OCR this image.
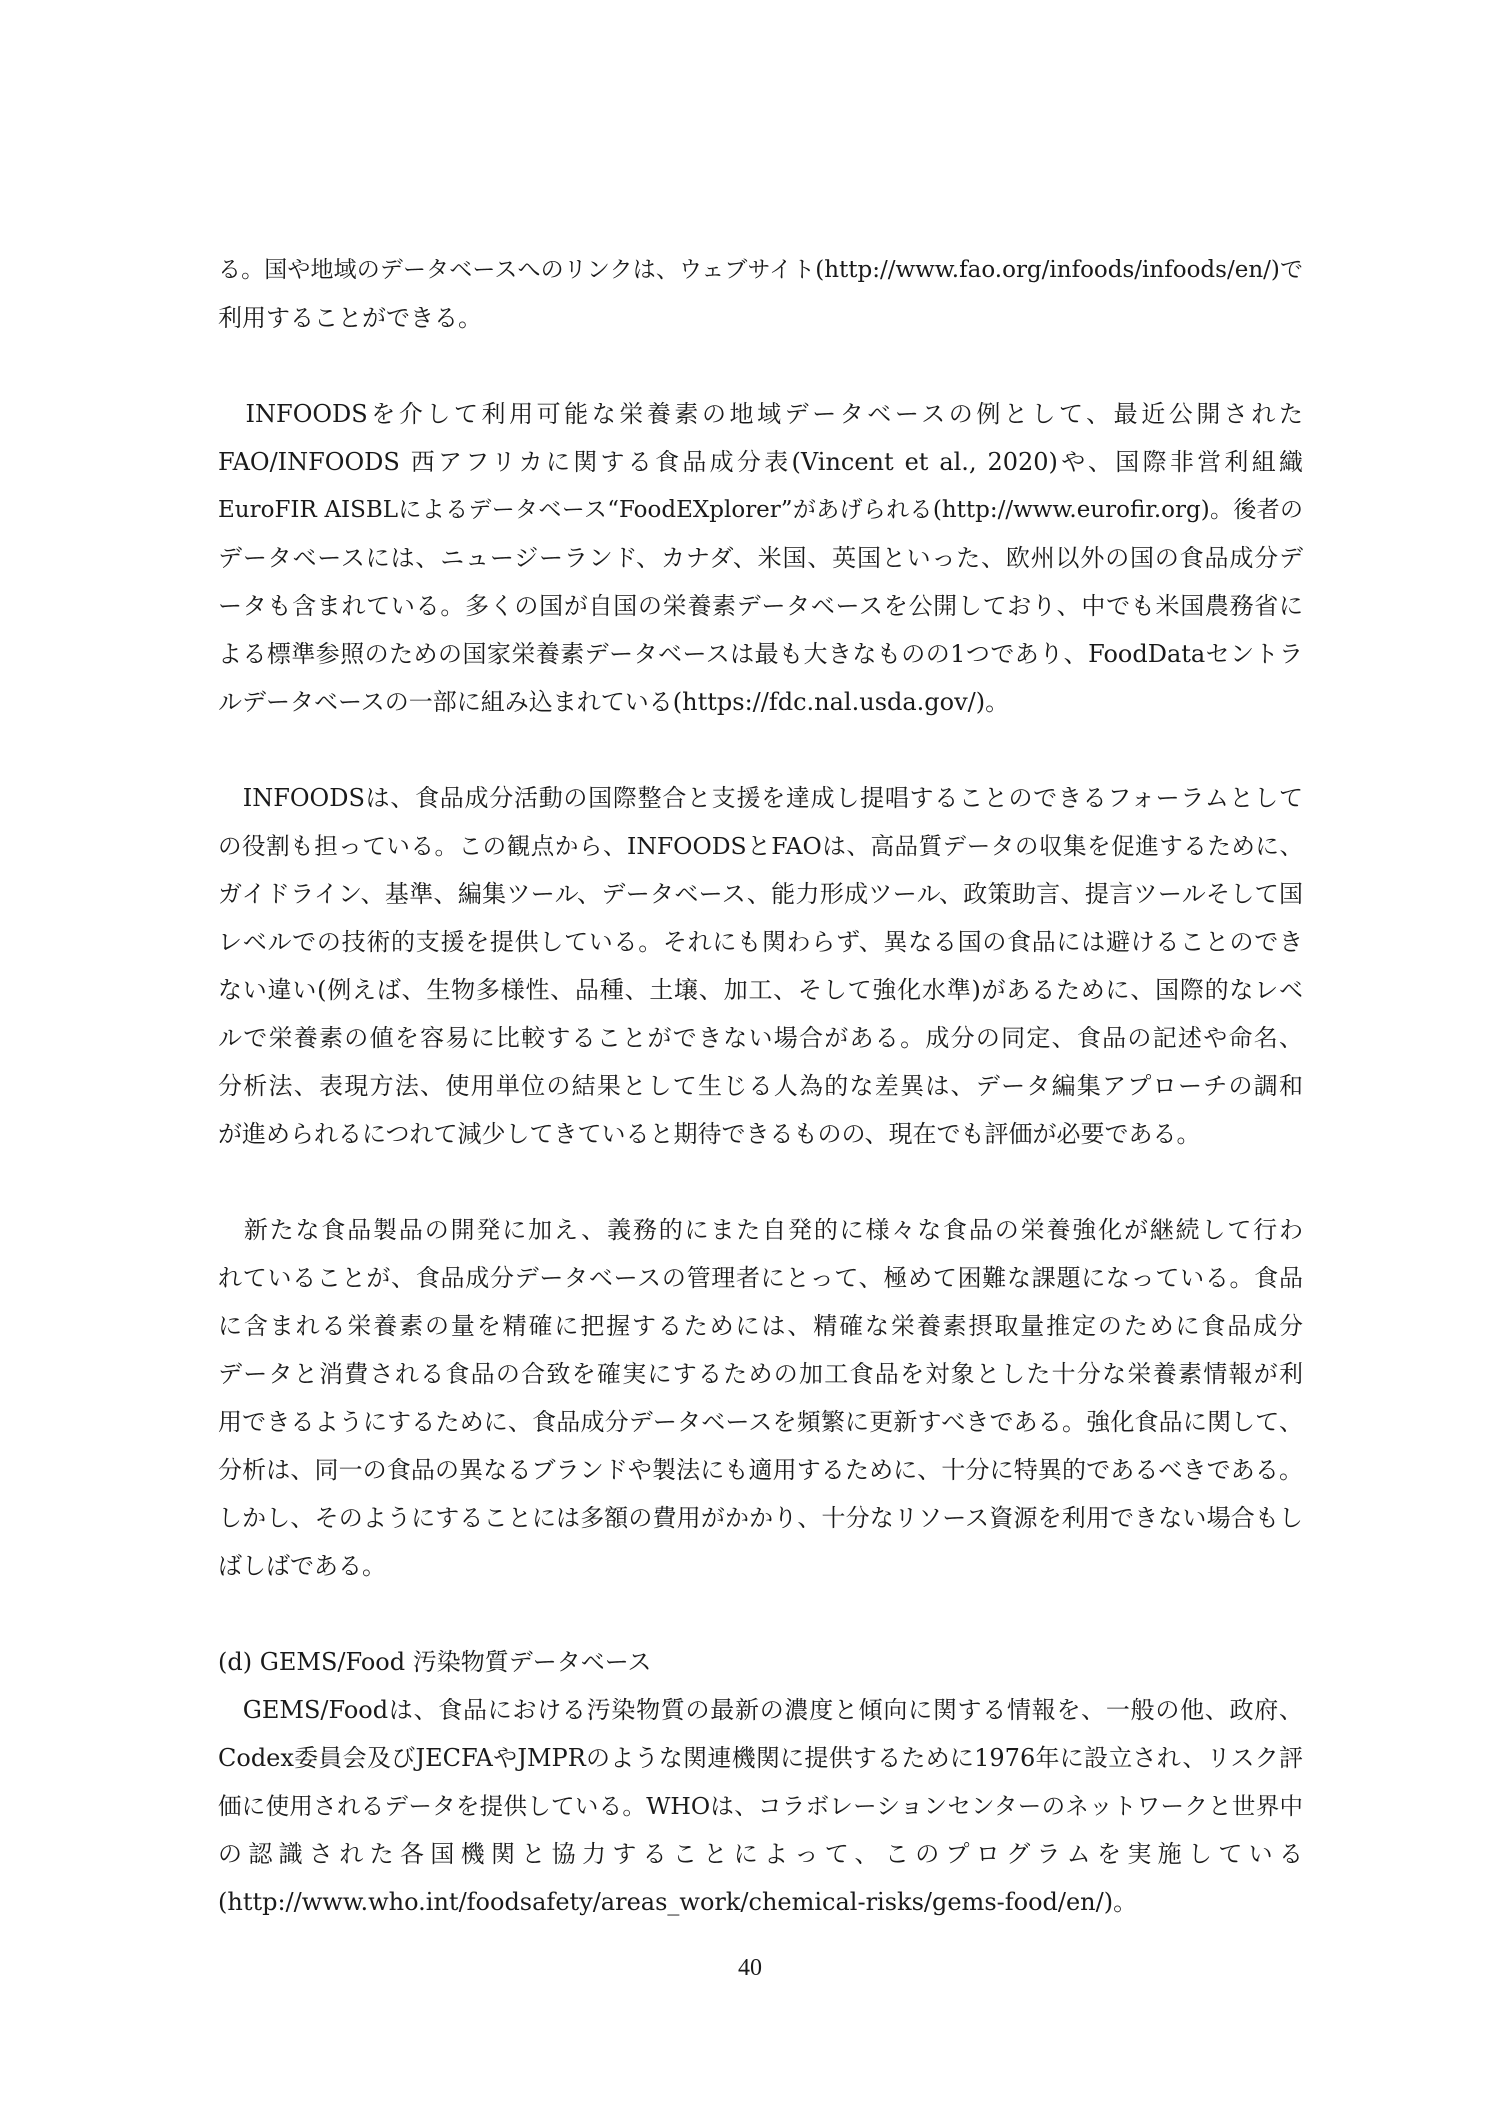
る。国や地域のデータベースへのリンクは、ウェブサイト(http://www.fao.org/infoods/infoods/en/)で
利用することができる。
　INFOODSを介して利用可能な栄養素の地域データベースの例として、最近公開された
FAO/INFOODS 西アフリカに関する食品成分表(Vincent et al., 2020)や、国際非営利組織
EuroFIR AISBLによるデータベース“FoodEXplorer”があげられる(http://www.eurofir.org)。後者の
データベースには、ニュージーランド、カナダ、米国、英国といった、欧州以外の国の食品成分デ
ータも含まれている。多くの国が自国の栄養素データベースを公開しており、中でも米国農務省に
よる標準参照のための国家栄養素データベースは最も大きなものの1つであり、FoodDataセントラ
ルデータベースの一部に組み込まれている(https://fdc.nal.usda.gov/)。
　INFOODSは、食品成分活動の国際整合と支援を達成し提唱することのできるフォーラムとして
の役割も担っている。この観点から、INFOODSとFAOは、高品質データの収集を促進するために、
ガイドライン、基準、編集ツール、データベース、能力形成ツール、政策助言、提言ツールそして国
レベルでの技術的支援を提供している。それにも関わらず、異なる国の食品には避けることのでき
ない違い(例えば、生物多様性、品種、土壌、加工、そして強化水準)があるために、国際的なレベ
ルで栄養素の値を容易に比較することができない場合がある。成分の同定、食品の記述や命名、
分析法、表現方法、使用単位の結果として生じる人為的な差異は、データ編集アプローチの調和
が進められるにつれて減少してきていると期待できるものの、現在でも評価が必要である。
　新たな食品製品の開発に加え、義務的にまた自発的に様々な食品の栄養強化が継続して行わ
れていることが、食品成分データベースの管理者にとって、極めて困難な課題になっている。食品
に含まれる栄養素の量を精確に把握するためには、精確な栄養素摂取量推定のために食品成分
データと消費される食品の合致を確実にするための加工食品を対象とした十分な栄養素情報が利
用できるようにするために、食品成分データベースを頻繁に更新すべきである。強化食品に関して、
分析は、同一の食品の異なるブランドや製法にも適用するために、十分に特異的であるべきである。
しかし、そのようにすることには多額の費用がかかり、十分なリソース資源を利用できない場合もし
ばしばである。
(d) GEMS/Food 汚染物質データベース
　GEMS/Foodは、食品における汚染物質の最新の濃度と傾向に関する情報を、一般の他、政府、
Codex委員会及びJECFAやJMPRのような関連機関に提供するために1976年に設立され、リスク評
価に使用されるデータを提供している。WHOは、コラボレーションセンターのネットワークと世界中
の認識された各国機関と協力することによって、このプログラムを実施している
(http://www.who.int/foodsafety/areas_work/chemical-risks/gems-food/en/)。
40
